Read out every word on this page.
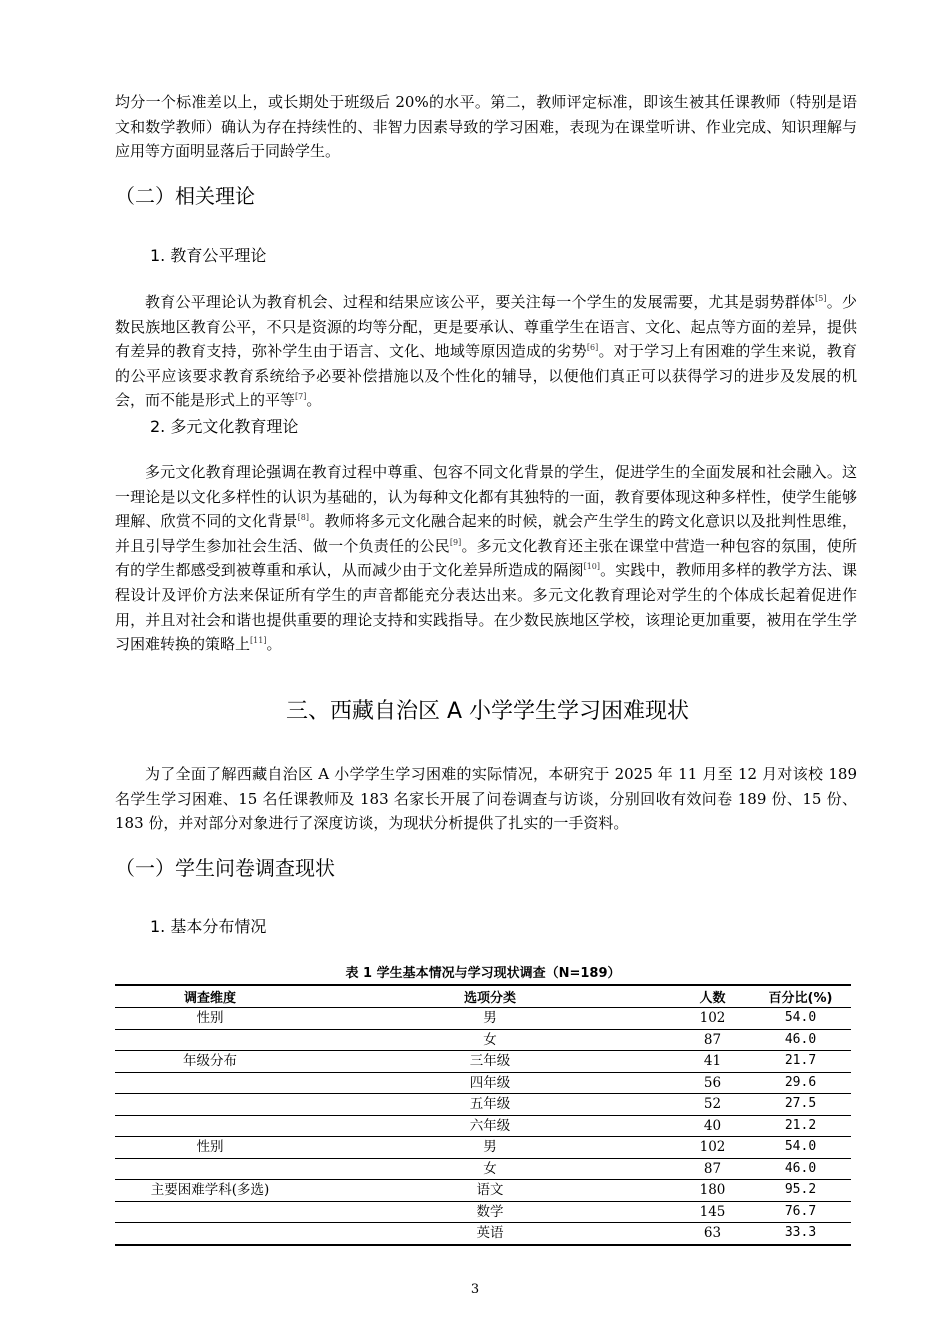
均分一个标准差以上，或长期处于班级后 20%的水平。第二，教师评定标准，即该生被其任课教师（特别是语文和数学教师）确认为存在持续性的、非智力因素导致的学习困难，表现为在课堂听讲、作业完成、知识理解与应用等方面明显落后于同龄学生。

（二）相关理论
1. 教育公平理论

教育公平理论认为教育机会、过程和结果应该公平，要关注每一个学生的发展需要，尤其是弱势群体[5]。少数民族地区教育公平，不只是资源的均等分配，更是要承认、尊重学生在语言、文化、起点等方面的差异，提供有差异的教育支持，弥补学生由于语言、文化、地域等原因造成的劣势[6]。对于学习上有困难的学生来说，教育的公平应该要求教育系统给予必要补偿措施以及个性化的辅导，以便他们真正可以获得学习的进步及发展的机会，而不能是形式上的平等[7]。

2. 多元文化教育理论

多元文化教育理论强调在教育过程中尊重、包容不同文化背景的学生，促进学生的全面发展和社会融入。这一理论是以文化多样性的认识为基础的，认为每种文化都有其独特的一面，教育要体现这种多样性，使学生能够理解、欣赏不同的文化背景[8]。教师将多元文化融合起来的时候，就会产生学生的跨文化意识以及批判性思维，并且引导学生参加社会生活、做一个负责任的公民[9]。多元文化教育还主张在课堂中营造一种包容的氛围，使所有的学生都感受到被尊重和承认，从而减少由于文化差异所造成的隔阂[10]。实践中，教师用多样的教学方法、课程设计及评价方法来保证所有学生的声音都能充分表达出来。多元文化教育理论对学生的个体成长起着促进作用，并且对社会和谐也提供重要的理论支持和实践指导。在少数民族地区学校，该理论更加重要，被用在学生学习困难转换的策略上[11]。

三、西藏自治区 A 小学学生学习困难现状

为了全面了解西藏自治区 A 小学学生学习困难的实际情况，本研究于 2025 年 11 月至 12 月对该校 189 名学生学习困难、15 名任课教师及 183 名家长开展了问卷调查与访谈，分别回收有效问卷 189 份、15 份、183 份，并对部分对象进行了深度访谈，为现状分析提供了扎实的一手资料。

（一）学生问卷调查现状
1. 基本分布情况
表 1 学生基本情况与学习现状调查（N=189）
调查维度	选项分类	人数	百分比(%)
性别	男	102	54.0
	女	87	46.0
年级分布	三年级	41	21.7
	四年级	56	29.6
	五年级	52	27.5
	六年级	40	21.2
性别	男	102	54.0
	女	87	46.0
主要困难学科(多选)	语文	180	95.2
	数学	145	76.7
	英语	63	33.3
3
